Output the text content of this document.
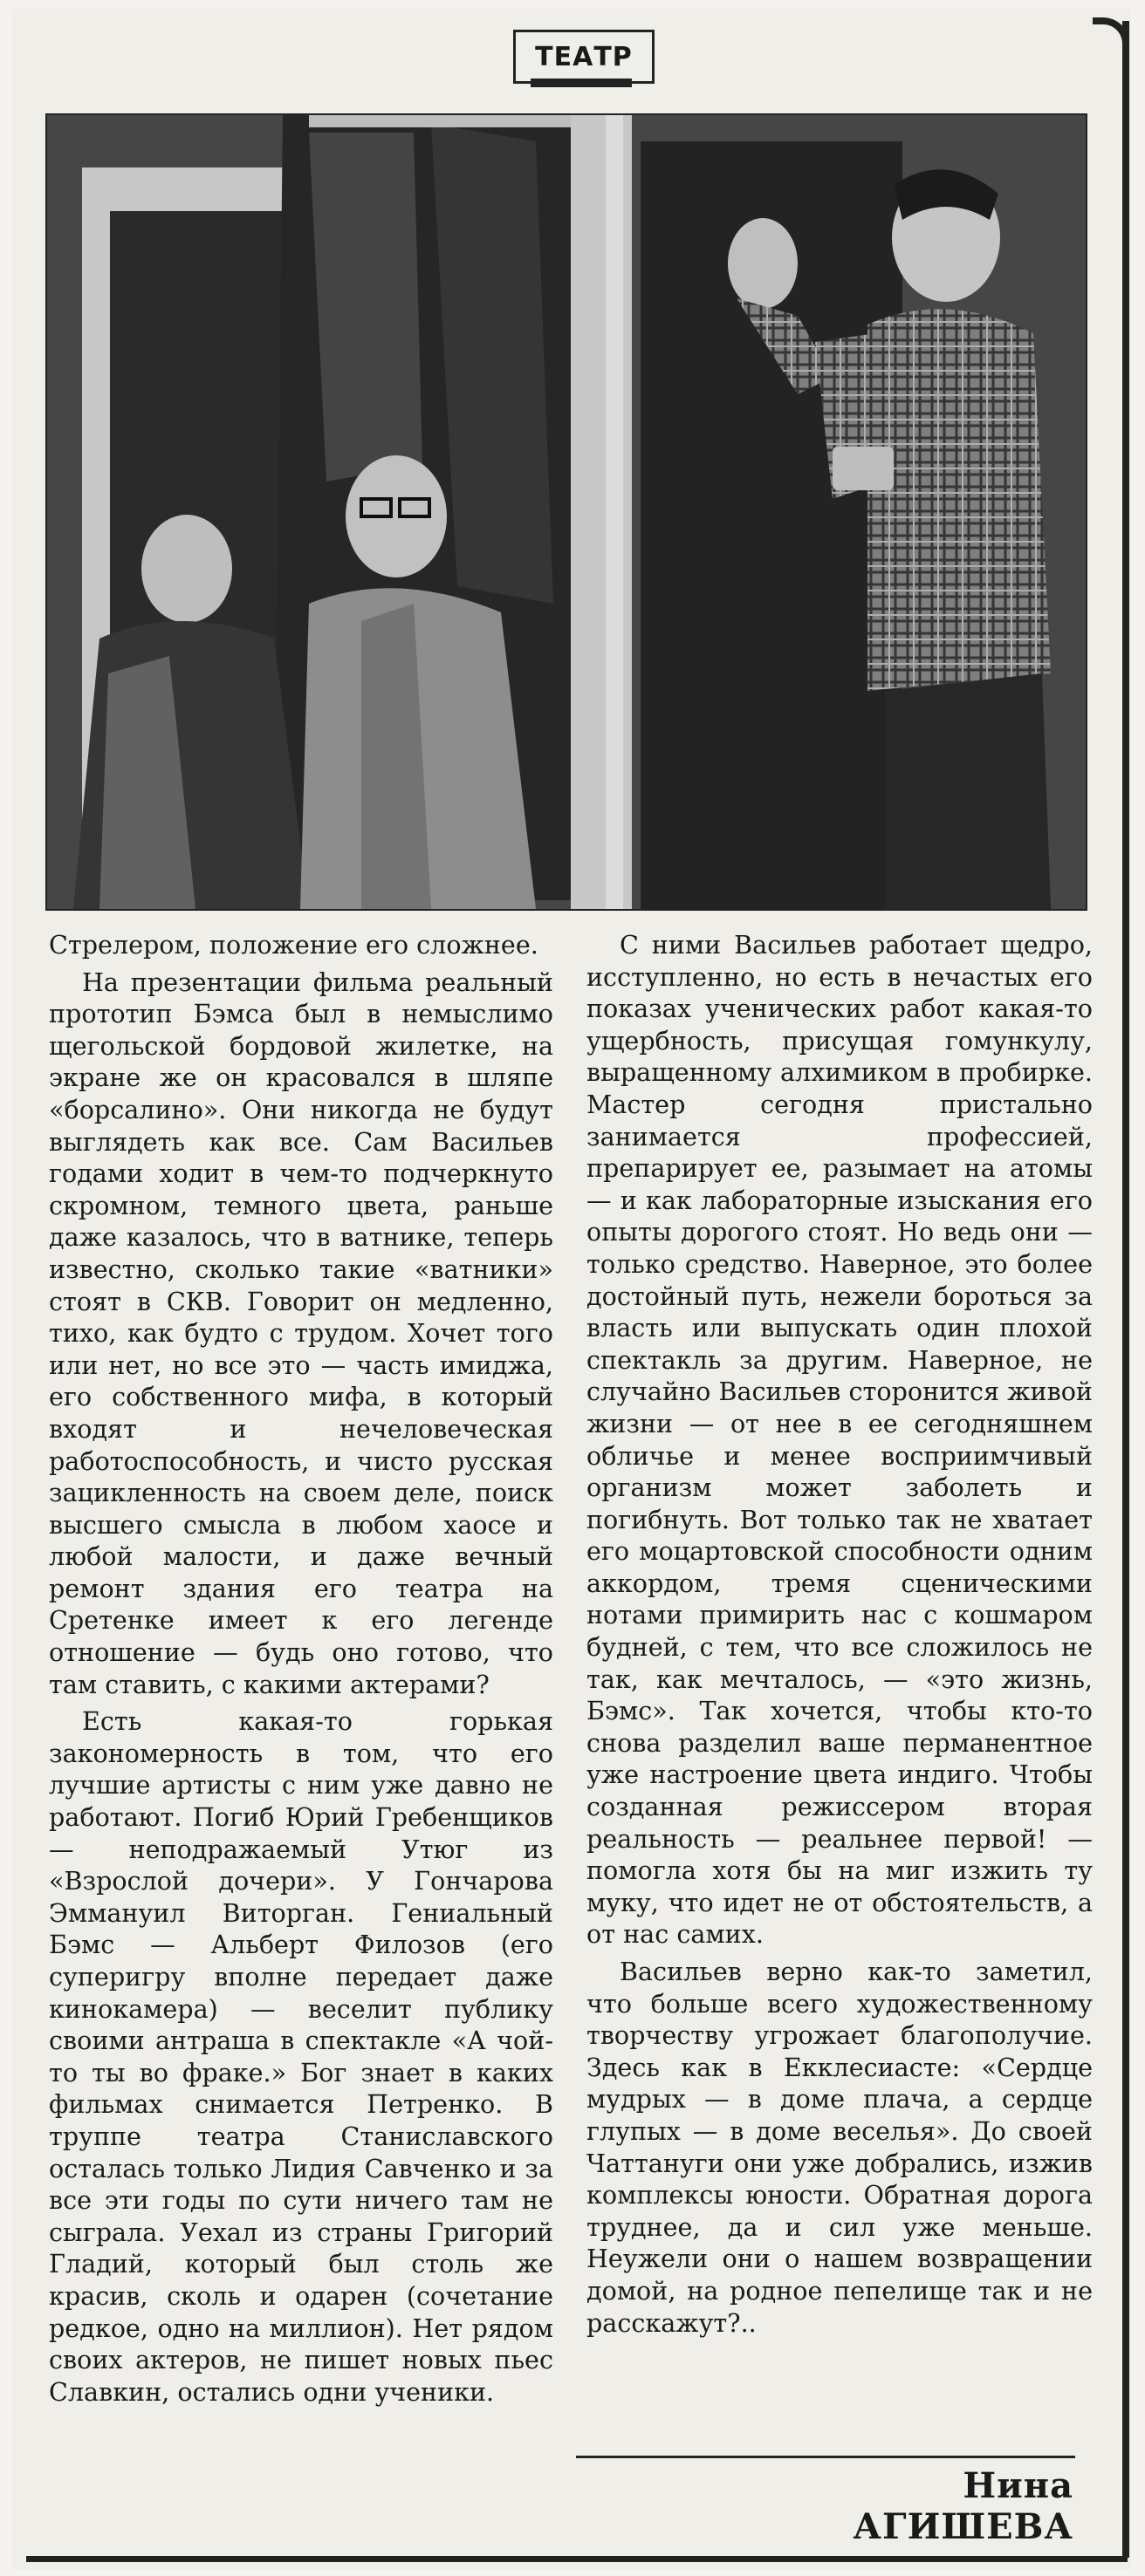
ТЕАТР

Стрелером, положение его сложнее.

На презентации фильма реальный прототип Бэмса был в немыслимо щегольской бордовой жилетке, на экране же он красовался в шляпе «борсалино». Они никогда не будут выглядеть как все. Сам Васильев годами ходит в чем-то подчеркнуто скромном, темного цвета, раньше даже казалось, что в ватнике, теперь известно, сколько такие «ватники» стоят в СКВ. Говорит он медленно, тихо, как будто с трудом. Хочет того или нет, но все это — часть имиджа, его собственного мифа, в который входят и нечеловеческая работоспособность, и чисто русская зацикленность на своем деле, поиск высшего смысла в любом хаосе и любой малости, и даже вечный ремонт здания его театра на Сретенке имеет к его легенде отношение — будь оно готово, что там ставить, с какими актерами?

Есть какая-то горькая закономерность в том, что его лучшие артисты с ним уже давно не работают. Погиб Юрий Гребенщиков — неподражаемый Утюг из «Взрослой дочери». У Гончарова Эммануил Виторган. Гениальный Бэмс — Альберт Филозов (его суперигру вполне передает даже кинокамера) — веселит публику своими антраша в спектакле «А чой-то ты во фраке.» Бог знает в каких фильмах снимается Петренко. В труппе театра Станиславского осталась только Лидия Савченко и за все эти годы по сути ничего там не сыграла. Уехал из страны Григорий Гладий, который был столь же красив, сколь и одарен (сочетание редкое, одно на миллион). Нет рядом своих актеров, не пишет новых пьес Славкин, остались одни ученики.

С ними Васильев работает щедро, исступленно, но есть в нечастых его показах ученических работ какая-то ущербность, присущая гомункулу, выращенному алхимиком в пробирке. Мастер сегодня пристально занимается профессией, препарирует ее, разымает на атомы — и как лабораторные изыскания его опыты дорогого стоят. Но ведь они — только средство. Наверное, это более достойный путь, нежели бороться за власть или выпускать один плохой спектакль за другим. Наверное, не случайно Васильев сторонится живой жизни — от нее в ее сегодняшнем обличье и менее восприимчивый организм может заболеть и погибнуть. Вот только так не хватает его моцартовской способности одним аккордом, тремя сценическими нотами примирить нас с кошмаром будней, с тем, что все сложилось не так, как мечталось, — «это жизнь, Бэмс». Так хочется, чтобы кто-то снова разделил ваше перманентное уже настроение цвета индиго. Чтобы созданная режиссером вторая реальность — реальнее первой! — помогла хотя бы на миг изжить ту муку, что идет не от обстоятельств, а от нас самих.

Васильев верно как-то заметил, что больше всего художественному творчеству угрожает благополучие. Здесь как в Екклесиасте: «Сердце мудрых — в доме плача, а сердце глупых — в доме веселья». До своей Чаттануги они уже добрались, изжив комплексы юности. Обратная дорога труднее, да и сил уже меньше. Неужели они о нашем возвращении домой, на родное пепелище так и не расскажут?..

Нина АГИШЕВА
